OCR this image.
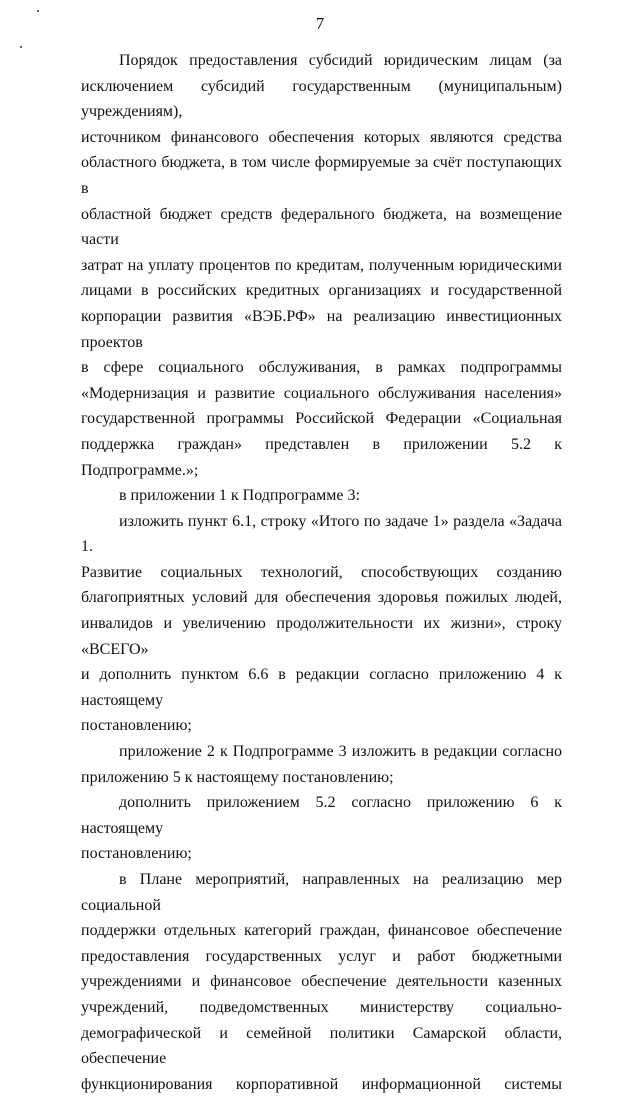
7

Порядок предоставления субсидий юридическим лицам (за

исключением субсидий государственным (муниципальным) учреждениям),

источником финансового обеспечения которых являются средства

областного бюджета, в том числе формируемые за счёт поступающих в

областной бюджет средств федерального бюджета, на возмещение части

затрат на уплату процентов по кредитам, полученным юридическими

лицами в российских кредитных организациях и государственной

корпорации развития «ВЭБ.РФ» на реализацию инвестиционных проектов

в сфере социального обслуживания, в рамках подпрограммы

«Модернизация и развитие социального обслуживания населения»

государственной программы Российской Федерации «Социальная

поддержка граждан» представлен в приложении 5.2 к Подпрограмме.»;

в приложении 1 к Подпрограмме 3:

изложить пункт 6.1, строку «Итого по задаче 1» раздела «Задача 1.

Развитие социальных технологий, способствующих созданию

благоприятных условий для обеспечения здоровья пожилых людей,

инвалидов и увеличению продолжительности их жизни», строку «ВСЕГО»

и дополнить пунктом 6.6 в редакции согласно приложению 4 к настоящему

постановлению;

приложение 2 к Подпрограмме 3 изложить в редакции согласно

приложению 5 к настоящему постановлению;

дополнить приложением 5.2 согласно приложению 6 к настоящему

постановлению;

в Плане мероприятий, направленных на реализацию мер социальной

поддержки отдельных категорий граждан, финансовое обеспечение

предоставления государственных услуг и работ бюджетными

учреждениями и финансовое обеспечение деятельности казенных

учреждений, подведомственных министерству социально-

демографической и семейной политики Самарской области, обеспечение

функционирования корпоративной информационной системы
